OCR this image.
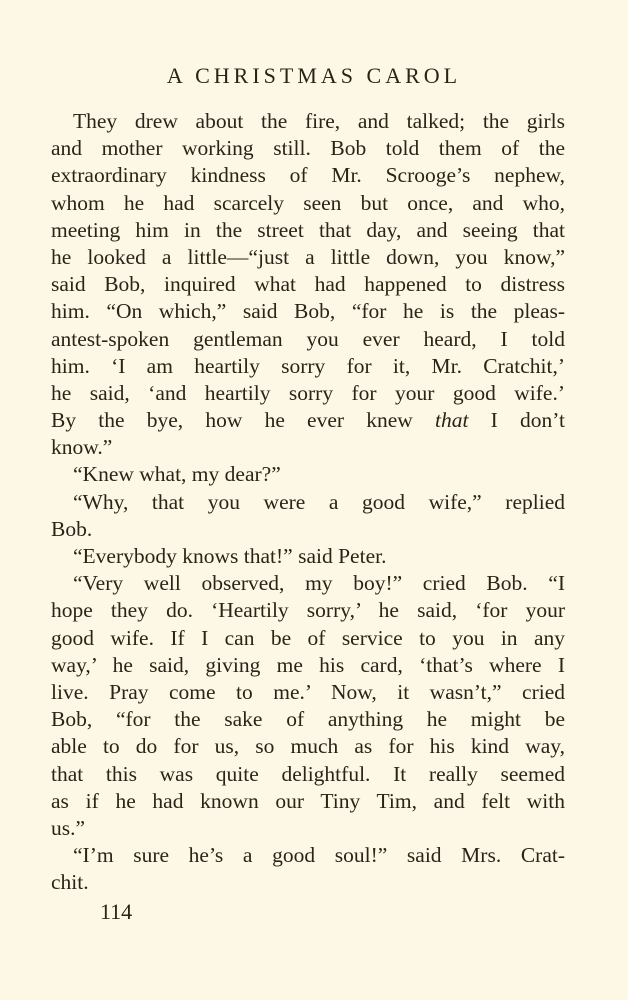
A CHRISTMAS CAROL
They drew about the fire, and talked; the girls
and mother working still. Bob told them of the
extraordinary kindness of Mr. Scrooge’s nephew,
whom he had scarcely seen but once, and who,
meeting him in the street that day, and seeing that
he looked a little—“just a little down, you know,”
said Bob, inquired what had happened to distress
him. “On which,” said Bob, “for he is the pleas-
antest-spoken gentleman you ever heard, I told
him. ‘I am heartily sorry for it, Mr. Cratchit,’
he said, ‘and heartily sorry for your good wife.’
By the bye, how he ever knew that I don’t
know.”
“Knew what, my dear?”
“Why, that you were a good wife,” replied
Bob.
“Everybody knows that!” said Peter.
“Very well observed, my boy!” cried Bob. “I
hope they do. ‘Heartily sorry,’ he said, ‘for your
good wife. If I can be of service to you in any
way,’ he said, giving me his card, ‘that’s where I
live. Pray come to me.’ Now, it wasn’t,” cried
Bob, “for the sake of anything he might be
able to do for us, so much as for his kind way,
that this was quite delightful. It really seemed
as if he had known our Tiny Tim, and felt with
us.”
“I’m sure he’s a good soul!” said Mrs. Crat-
chit.
114
